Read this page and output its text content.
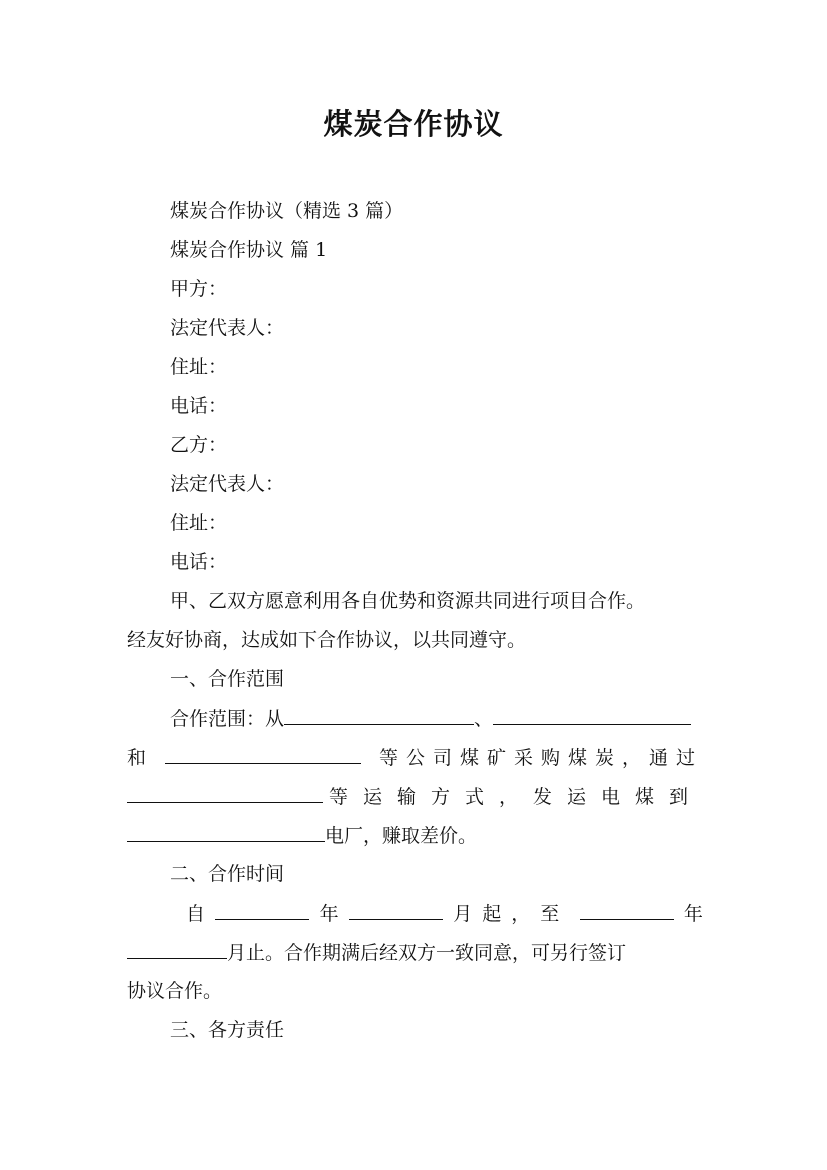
煤炭合作协议
煤炭合作协议（精选 3 篇）
煤炭合作协议 篇 1
甲方：
法定代表人：
住址：
电话：
乙方：
法定代表人：
住址：
电话：
甲、乙双方愿意利用各自优势和资源共同进行项目合作。
经友好协商，达成如下合作协议，以共同遵守。
一、合作范围
合作范围：从	、
和	等公司煤矿采购煤炭，通过
等运输方式，发运电煤到
电厂，赚取差价。
二、合作时间
自	年	月起，至	年
月止。合作期满后经双方一致同意，可另行签订
协议合作。
三、各方责任
